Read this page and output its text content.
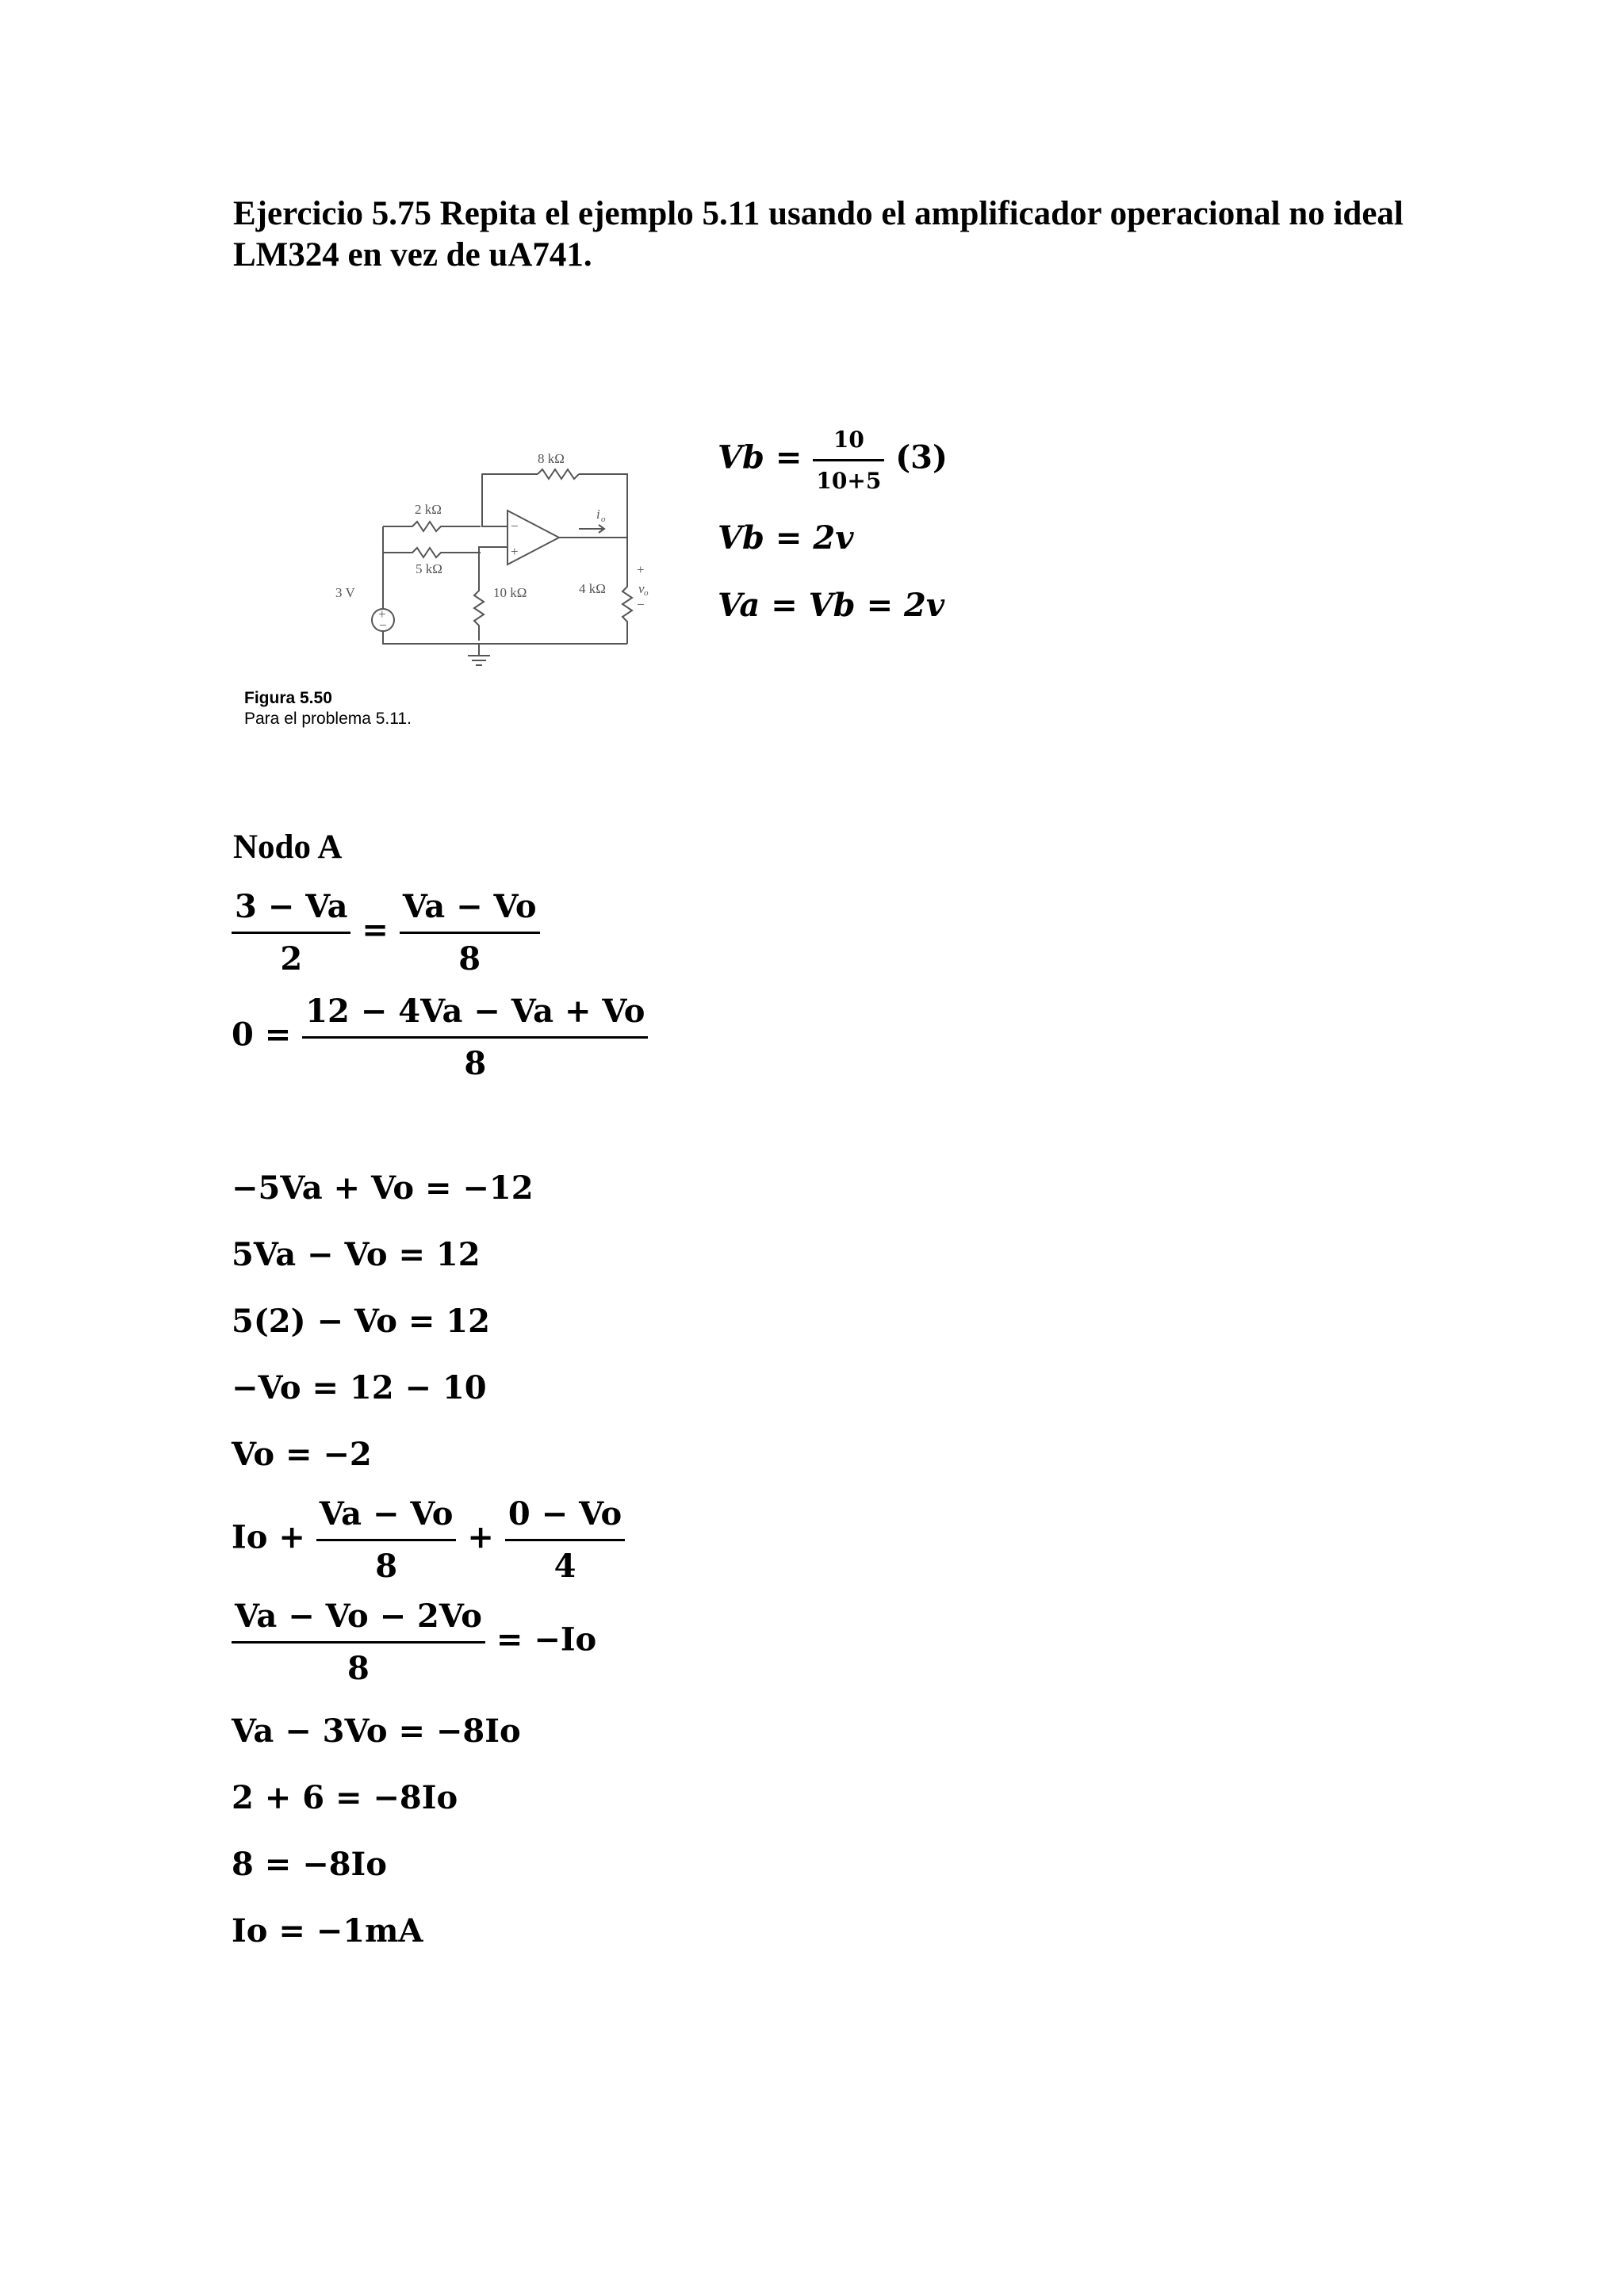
Ejercicio 5.75 Repita el ejemplo 5.11 usando el amplificador operacional no ideal LM324 en vez de uA741.

+
−
−
+
8 kΩ
2 kΩ
5 kΩ
3 V	10 kΩ	4 kΩ
i o
+
v o
−
Figura 5.50
Para el problema 5.11.
$Vb = \frac{10}{10+5} (3)$
Vb = 2v
Va = Vb = 2v
Nodo A
$\frac{3 - Va}{2} = \frac{Va - Vo}{8}$
$0 = \frac{12 - 4Va - Va + Vo}{8}$
−5Va + Vo = −12
5Va − Vo = 12
5(2) − Vo = 12
−Vo = 12 − 10
Vo = −2
$Io + \frac{Va - Vo}{8} + \frac{0 - Vo}{4}$
$\frac{Va - Vo - 2Vo}{8} = -Io$
Va − 3Vo = −8Io
2 + 6 = −8Io
8 = −8Io
Io = −1mA
